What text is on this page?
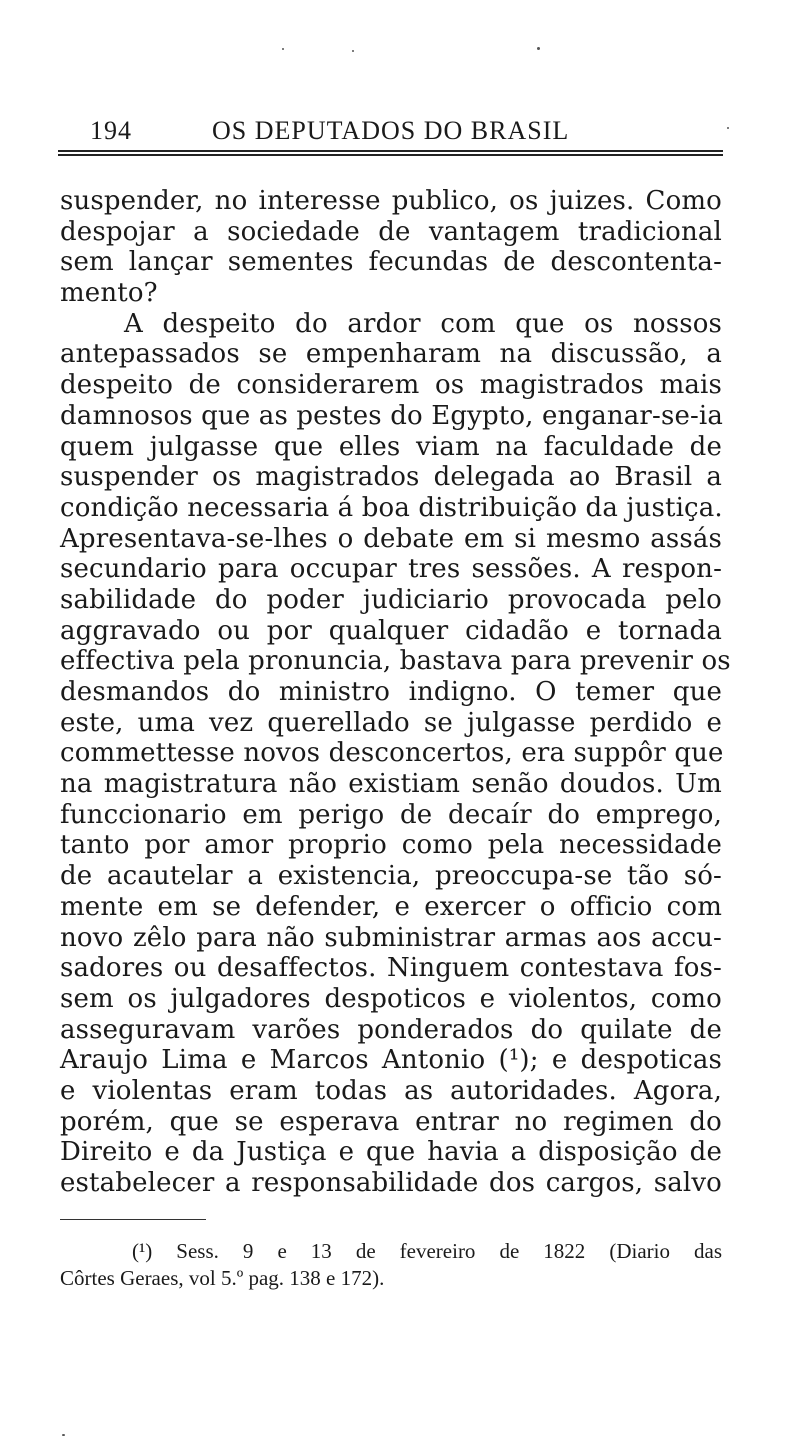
194	OS DEPUTADOS DO BRASIL
suspender, no interesse publico, os juizes. Como
despojar a sociedade de vantagem tradicional
sem lançar sementes fecundas de descontenta-
mento?
A despeito do ardor com que os nossos
antepassados se empenharam na discussão, a
despeito de considerarem os magistrados mais
damnosos que as pestes do Egypto, enganar-se-ia
quem julgasse que elles viam na faculdade de
suspender os magistrados delegada ao Brasil a
condição necessaria á boa distribuição da justiça.
Apresentava-se-lhes o debate em si mesmo assás
secundario para occupar tres sessões. A respon-
sabilidade do poder judiciario provocada pelo
aggravado ou por qualquer cidadão e tornada
effectiva pela pronuncia, bastava para prevenir os
desmandos do ministro indigno. O temer que
este, uma vez querellado se julgasse perdido e
commettesse novos desconcertos, era suppôr que
na magistratura não existiam senão doudos. Um
funccionario em perigo de decaír do emprego,
tanto por amor proprio como pela necessidade
de acautelar a existencia, preoccupa-se tão só-
mente em se defender, e exercer o officio com
novo zêlo para não subministrar armas aos accu-
sadores ou desaffectos. Ninguem contestava fos-
sem os julgadores despoticos e violentos, como
asseguravam varões ponderados do quilate de
Araujo Lima e Marcos Antonio (¹); e despoticas
e violentas eram todas as autoridades. Agora,
porém, que se esperava entrar no regimen do
Direito e da Justiça e que havia a disposição de
estabelecer a responsabilidade dos cargos, salvo
(¹) Sess. 9 e 13 de fevereiro de 1822 (Diario das
Côrtes Geraes, vol 5.º pag. 138 e 172).
